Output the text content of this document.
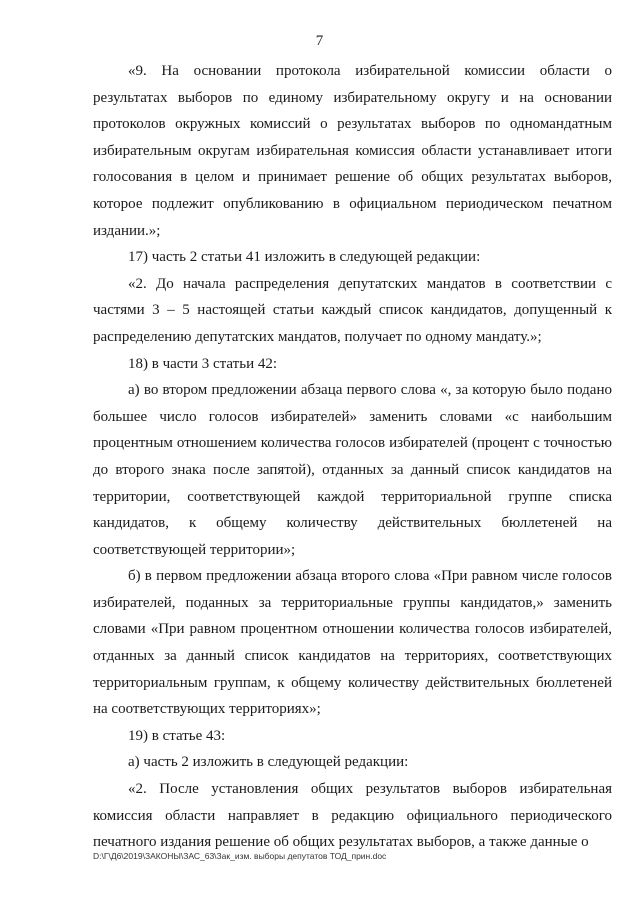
7

«9. На основании протокола избирательной комиссии области о результатах выборов по единому избирательному округу и на основании протоколов окружных комиссий о результатах выборов по одномандатным избирательным округам избирательная комиссия области устанавливает итоги голосования в целом и принимает решение об общих результатах выборов, которое подлежит опубликованию в официальном периодическом печатном издании.»;

17) часть 2 статьи 41 изложить в следующей редакции:

«2. До начала распределения депутатских мандатов в соответствии с частями 3 – 5 настоящей статьи каждый список кандидатов, допущенный к распределению депутатских мандатов, получает по одному мандату.»;

18) в части 3 статьи 42:

а) во втором предложении абзаца первого слова «, за которую было подано большее число голосов избирателей» заменить словами «с наибольшим процентным отношением количества голосов избирателей (процент с точностью до второго знака после запятой), отданных за данный список кандидатов на территории, соответствующей каждой территориальной группе списка кандидатов, к общему количеству действительных бюллетеней на соответствующей территории»;

б) в первом предложении абзаца второго слова «При равном числе голосов избирателей, поданных за территориальные группы кандидатов,» заменить словами «При равном процентном отношении количества голосов избирателей, отданных за данный список кандидатов на территориях, соответствующих территориальным группам, к общему количеству действительных бюллетеней на соответствующих территориях»;

19) в статье 43:

а) часть 2 изложить в следующей редакции:

«2. После установления общих результатов выборов избирательная комиссия области направляет в редакцию официального периодического печатного издания решение об общих результатах выборов, а также данные о

D:\Г\Д6\2019\ЗАКОНЫ\ЗАС_63\Зак_изм. выборы депутатов ТОД_прин.doc
